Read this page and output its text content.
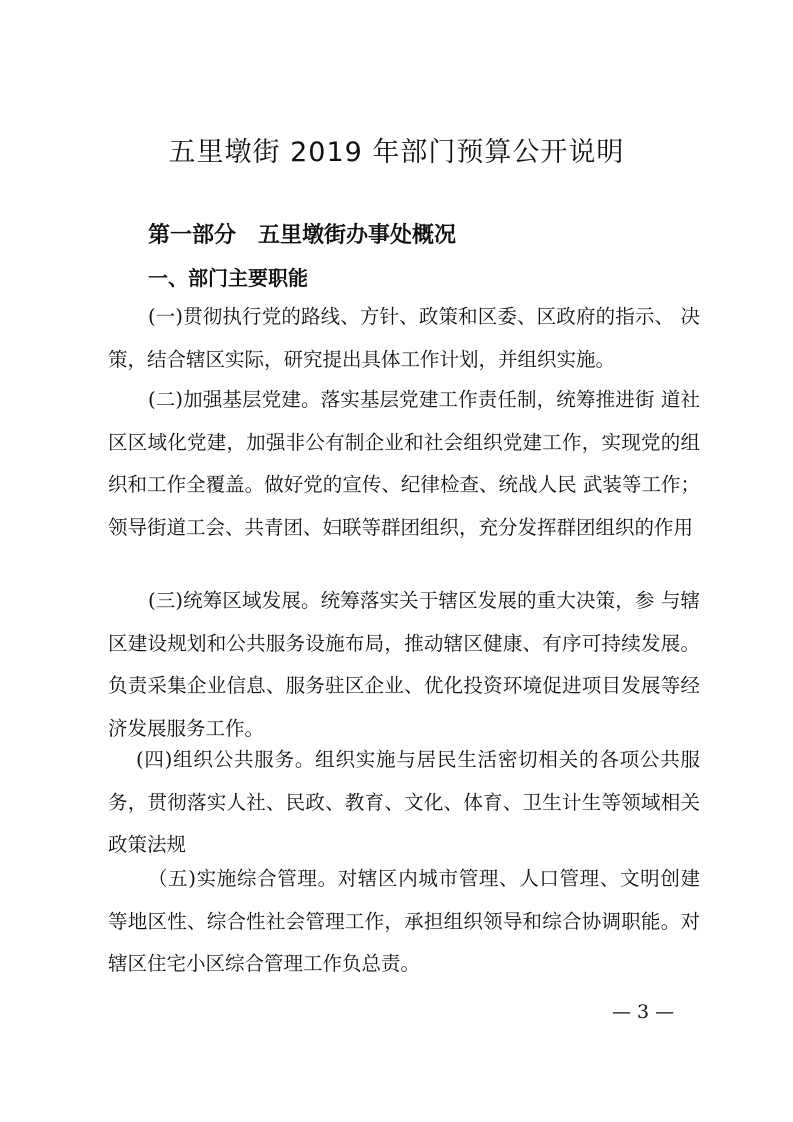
五里墩街 2019 年部门预算公开说明
第一部分　五里墩街办事处概况
一、部门主要职能

(一)贯彻执行党的路线、方针、政策和区委、区政府的指示、 决策，结合辖区实际，研究提出具体工作计划，并组织实施。

(二)加强基层党建。落实基层党建工作责任制，统筹推进街 道社区区域化党建，加强非公有制企业和社会组织党建工作，实现党的组织和工作全覆盖。做好党的宣传、纪律检查、统战人民 武装等工作；领导街道工会、共青团、妇联等群团组织，充分发挥群团组织的作用

(三)统筹区域发展。统筹落实关于辖区发展的重大决策，参 与辖区建设规划和公共服务设施布局，推动辖区健康、有序可持续发展。负责采集企业信息、服务驻区企业、优化投资环境促进项目发展等经济发展服务工作。

(四)组织公共服务。组织实施与居民生活密切相关的各项公共服务，贯彻落实人社、民政、教育、文化、体育、卫生计生等领域相关政策法规

（五)实施综合管理。对辖区内城市管理、人口管理、文明创建等地区性、综合性社会管理工作，承担组织领导和综合协调职能。对辖区住宅小区综合管理工作负总责。

— 3 —
